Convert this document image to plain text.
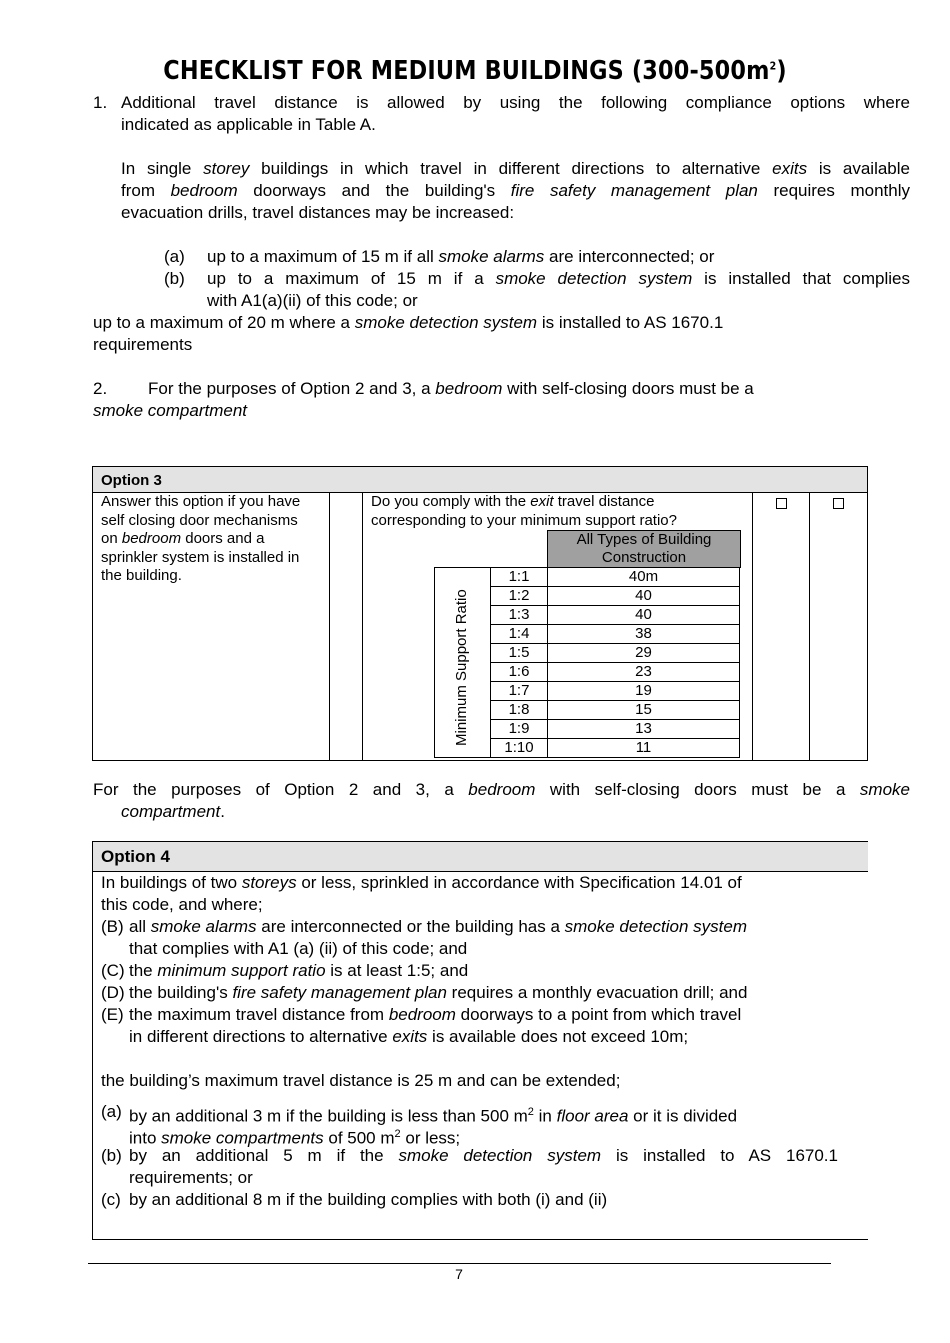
CHECKLIST FOR MEDIUM BUILDINGS $(300-500m^2)$
1. Additional travel distance is allowed by using the following compliance options where
indicated as applicable in Table A.
In single storey buildings in which travel in different directions to alternative exits is available
from bedroom doorways and the building's fire safety management plan requires monthly
evacuation drills, travel distances may be increased:
(a) up to a maximum of 15 m if all smoke alarms are interconnected; or
(b) up to a maximum of 15 m if a smoke detection system is installed that complies
with A1(a)(ii) of this code; or
up to a maximum of 20 m where a smoke detection system is installed to AS 1670.1
requirements
2. For the purposes of Option 2 and 3, a bedroom with self-closing doors must be a
smoke compartment
Option 3
Answer this option if you have
self closing door mechanisms
on bedroom doors and a
sprinkler system is installed in
the building.
Do you comply with the exit travel distance
corresponding to your minimum support ratio?
All Types of Building
Construction
Minimum Support Ratio
1:1	40m
1:2	40
1:3	40
1:4	38
1:5	29
1:6	23
1:7	19
1:8	15
1:9	13
1:10	11
For the purposes of Option 2 and 3, a bedroom with self-closing doors must be a smoke
compartment.
Option 4
In buildings of two storeys or less, sprinkled in accordance with Specification 14.01 of
this code, and where;
(B) all smoke alarms are interconnected or the building has a smoke detection system
that complies with A1 (a) (ii) of this code; and
(C) the minimum support ratio is at least 1:5; and
(D) the building's fire safety management plan requires a monthly evacuation drill; and
(E) the maximum travel distance from bedroom doorways to a point from which travel
in different directions to alternative exits is available does not exceed 10m;
the building’s maximum travel distance is 25 m and can be extended;
(a) by an additional 3 m if the building is less than 500 $m^2$ in floor area or it is divided
into smoke compartments of 500 $m^2$ or less;
(b) by an additional 5 m if the smoke detection system is installed to AS 1670.1
requirements; or
(c) by an additional 8 m if the building complies with both (i) and (ii)
7
